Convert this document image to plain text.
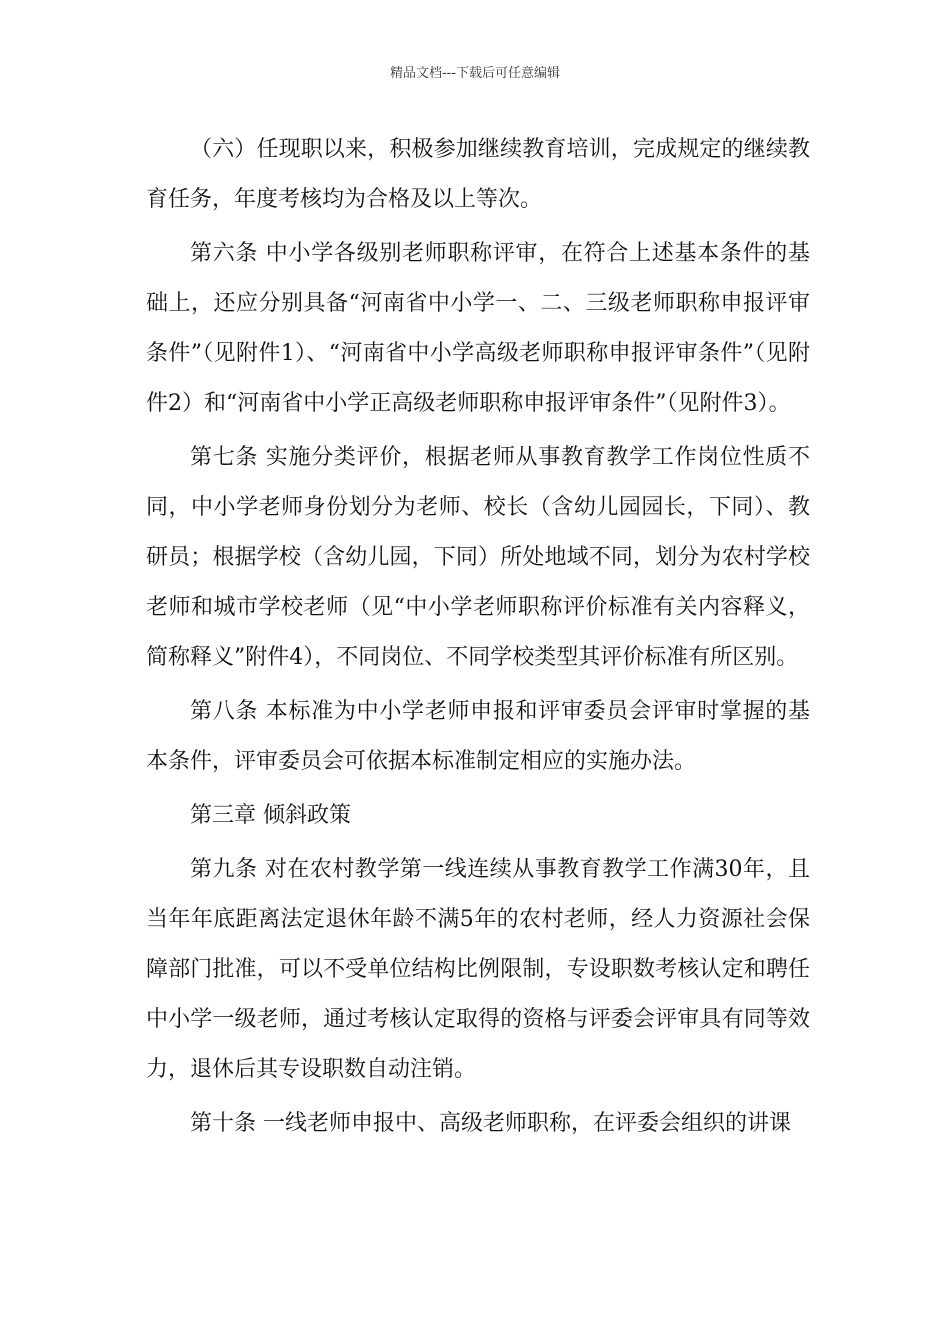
精品文档---下载后可任意编辑

（六）任现职以来，积极参加继续教育培训，完成规定的继续教育任务，年度考核均为合格及以上等次。

第六条 中小学各级别老师职称评审，在符合上述基本条件的基础上，还应分别具备“河南省中小学一、二、三级老师职称申报评审条件”（见附件1）、“河南省中小学高级老师职称申报评审条件”（见附件2）和“河南省中小学正高级老师职称申报评审条件”（见附件3）。

第七条 实施分类评价，根据老师从事教育教学工作岗位性质不同，中小学老师身份划分为老师、校长（含幼儿园园长，下同）、教研员；根据学校（含幼儿园，下同）所处地域不同，划分为农村学校老师和城市学校老师（见“中小学老师职称评价标准有关内容释义，简称释义”附件4），不同岗位、不同学校类型其评价标准有所区别。

第八条 本标准为中小学老师申报和评审委员会评审时掌握的基本条件，评审委员会可依据本标准制定相应的实施办法。

第三章 倾斜政策

第九条 对在农村教学第一线连续从事教育教学工作满30年，且当年年底距离法定退休年龄不满5年的农村老师，经人力资源社会保障部门批准，可以不受单位结构比例限制，专设职数考核认定和聘任中小学一级老师，通过考核认定取得的资格与评委会评审具有同等效力，退休后其专设职数自动注销。

第十条 一线老师申报中、高级老师职称，在评委会组织的讲课
